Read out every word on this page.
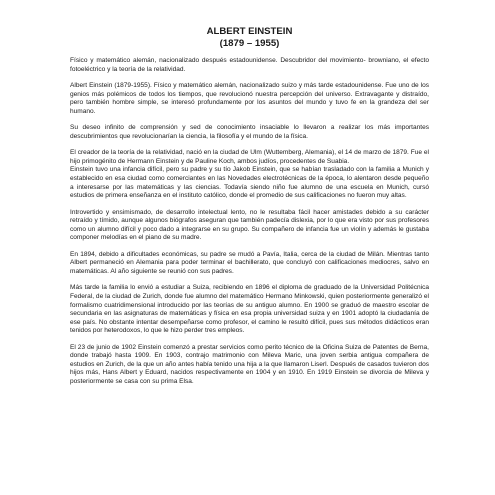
ALBERT EINSTEIN
(1879 – 1955)

Físico y matemático alemán, nacionalizado después estadounidense. Descubridor del movimiento- browniano, el efecto fotoeléctrico y la teoría de la relatividad.

Albert Einstein (1879-1955). Físico y matemático alemán, nacionalizado suizo y más tarde estadounidense. Fue uno de los genios más polémicos de todos los tiempos, que revolucionó nuestra percepción del universo. Extravagante y distraído, pero también hombre simple, se interesó profundamente por los asuntos del mundo y tuvo fe en la grandeza del ser humano.

Su deseo infinito de comprensión y sed de conocimiento insaciable lo llevaron a realizar los más importantes descubrimientos que revolucionarían la ciencia, la filosofía y el mundo de la física.

El creador de la teoría de la relatividad, nació en la ciudad de Ulm (Wuttemberg, Alemania), el 14 de marzo de 1879. Fue el hijo primogénito de Hermann Einstein y de Pauline Koch, ambos judíos, procedentes de Suabia.

Einstein tuvo una infancia difícil, pero su padre y su tío Jakob Einstein, que se habían trasladado con la familia a Munich y establecido en esa ciudad como comerciantes en las Novedades electrotécnicas de la época, lo alentaron desde pequeño a interesarse por las matemáticas y las ciencias. Todavía siendo niño fue alumno de una escuela en Munich, cursó estudios de primera enseñanza en el instituto católico, donde el promedio de sus calificaciones no fueron muy altas.

Introvertido y ensimismado, de desarrollo intelectual lento, no le resultaba fácil hacer amistades debido a su carácter retraído y tímido, aunque algunos biógrafos aseguran que también padecía dislexia, por lo que era visto por sus profesores como un alumno difícil y poco dado a integrarse en su grupo. Su compañero de infancia fue un violín y además le gustaba componer melodías en el piano de su madre.

En 1894, debido a dificultades económicas, su padre se mudó a Pavía, Italia, cerca de la ciudad de Milán. Mientras tanto Albert permaneció en Alemania para poder terminar el bachillerato, que concluyó con calificaciones mediocres, salvo en matemáticas. Al año siguiente se reunió con sus padres.

Más tarde la familia lo envió a estudiar a Suiza, recibiendo en 1896 el diploma de graduado de la Universidad Politécnica Federal, de la ciudad de Zurich, donde fue alumno del matemático Hermano Minkowski, quien posteriormente generalizó el formalismo cuatridimensional introducido por las teorías de su antiguo alumno. En 1900 se graduó de maestro escolar de secundaria en las asignaturas de matemáticas y física en esa propia universidad suiza y en 1901 adoptó la ciudadanía de ese país. No obstante intentar desempeñarse como profesor, el camino le resultó difícil, pues sus métodos didácticos eran tenidos por heterodoxos, lo que le hizo perder tres empleos.

El 23 de junio de 1902 Einstein comenzó a prestar servicios como perito técnico de la Oficina Suiza de Patentes de Berna, donde trabajó hasta 1909. En 1903, contrajo matrimonio con Mileva Maric, una joven serbia antigua compañera de estudios en Zurich, de la que un año antes había tenido una hija a la que llamaron Liserl. Después de casados tuvieron dos hijos más, Hans Albert y Eduard, nacidos respectivamente en 1904 y en 1910. En 1919 Einstein se divorcia de Mileva y posteriormente se casa con su prima Elsa.
